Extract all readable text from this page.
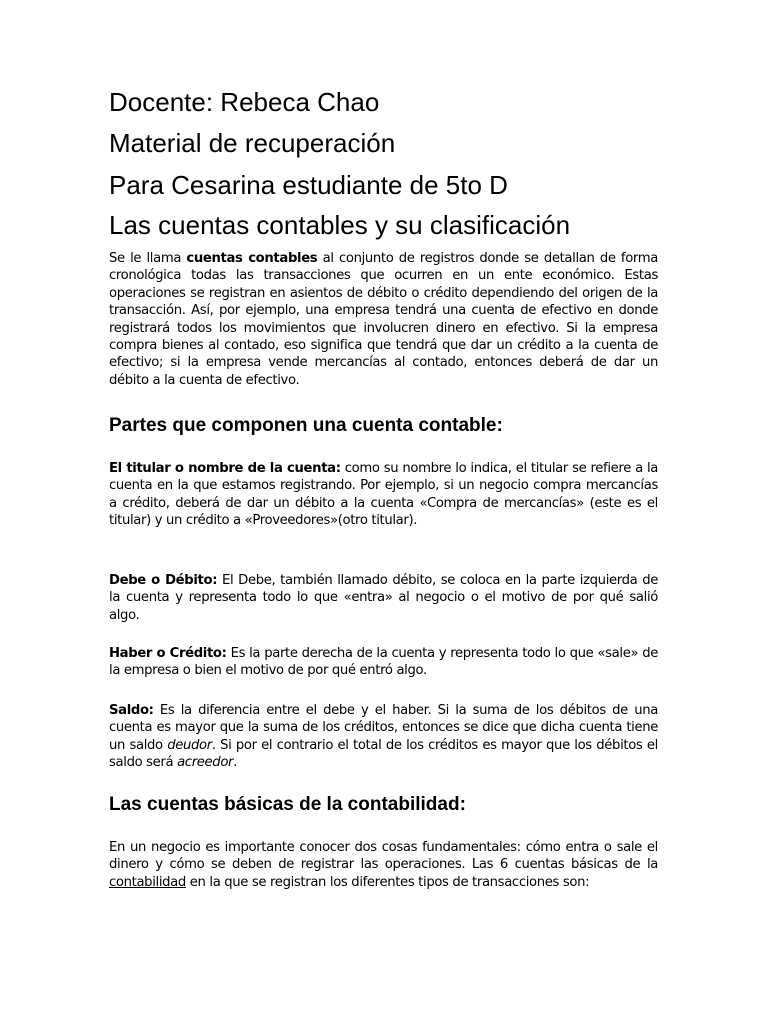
Docente: Rebeca Chao
Material de recuperación
Para Cesarina estudiante de 5to D
Las cuentas contables y su clasificación

Se le llama cuentas contables al conjunto de registros donde se detallan de forma cronológica todas las transacciones que ocurren en un ente económico. Estas operaciones se registran en asientos de débito o crédito dependiendo del origen de la transacción. Así, por ejemplo, una empresa tendrá una cuenta de efectivo en donde registrará todos los movimientos que involucren dinero en efectivo. Si la empresa compra bienes al contado, eso significa que tendrá que dar un crédito a la cuenta de efectivo; si la empresa vende mercancías al contado, entonces deberá de dar un débito a la cuenta de efectivo.

Partes que componen una cuenta contable:

El titular o nombre de la cuenta: como su nombre lo indica, el titular se refiere a la cuenta en la que estamos registrando. Por ejemplo, si un negocio compra mercancías a crédito, deberá de dar un débito a la cuenta «Compra de mercancías» (este es el titular) y un crédito a «Proveedores»(otro titular).

Debe o Débito: El Debe, también llamado débito, se coloca en la parte izquierda de la cuenta y representa todo lo que «entra» al negocio o el motivo de por qué salió algo.

Haber o Crédito: Es la parte derecha de la cuenta y representa todo lo que «sale» de la empresa o bien el motivo de por qué entró algo.

Saldo: Es la diferencia entre el debe y el haber. Si la suma de los débitos de una cuenta es mayor que la suma de los créditos, entonces se dice que dicha cuenta tiene un saldo deudor. Si por el contrario el total de los créditos es mayor que los débitos el saldo será acreedor.

Las cuentas básicas de la contabilidad:

En un negocio es importante conocer dos cosas fundamentales: cómo entra o sale el dinero y cómo se deben de registrar las operaciones. Las 6 cuentas básicas de la contabilidad en la que se registran los diferentes tipos de transacciones son:
